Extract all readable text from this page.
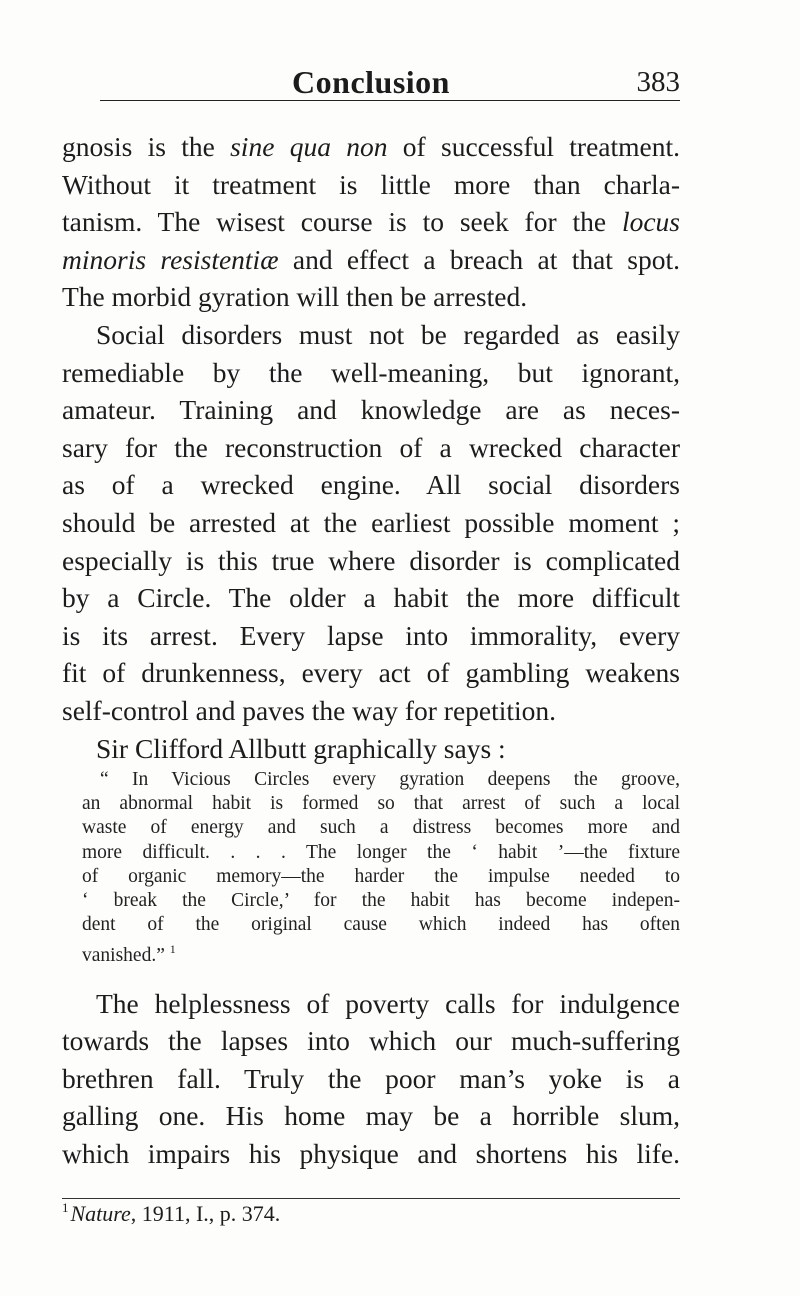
Conclusion	383
gnosis is the sine qua non of successful treatment.
Without it treatment is little more than charla-
tanism. The wisest course is to seek for the locus
minoris resistentiæ and effect a breach at that spot.
The morbid gyration will then be arrested.
Social disorders must not be regarded as easily
remediable by the well-meaning, but ignorant,
amateur. Training and knowledge are as neces-
sary for the reconstruction of a wrecked character
as of a wrecked engine. All social disorders
should be arrested at the earliest possible moment ;
especially is this true where disorder is complicated
by a Circle. The older a habit the more difficult
is its arrest. Every lapse into immorality, every
fit of drunkenness, every act of gambling weakens
self-control and paves the way for repetition.
Sir Clifford Allbutt graphically says :
“ In Vicious Circles every gyration deepens the groove,
an abnormal habit is formed so that arrest of such a local
waste of energy and such a distress becomes more and
more difficult. . . . The longer the ‘ habit ’—the fixture
of organic memory—the harder the impulse needed to
‘ break the Circle,’ for the habit has become indepen-
dent of the original cause which indeed has often
vanished.” $^1$
The helplessness of poverty calls for indulgence
towards the lapses into which our much-suffering
brethren fall. Truly the poor man’s yoke is a
galling one. His home may be a horrible slum,
which impairs his physique and shortens his life.
$^1$Nature, 1911, I., p. 374.
